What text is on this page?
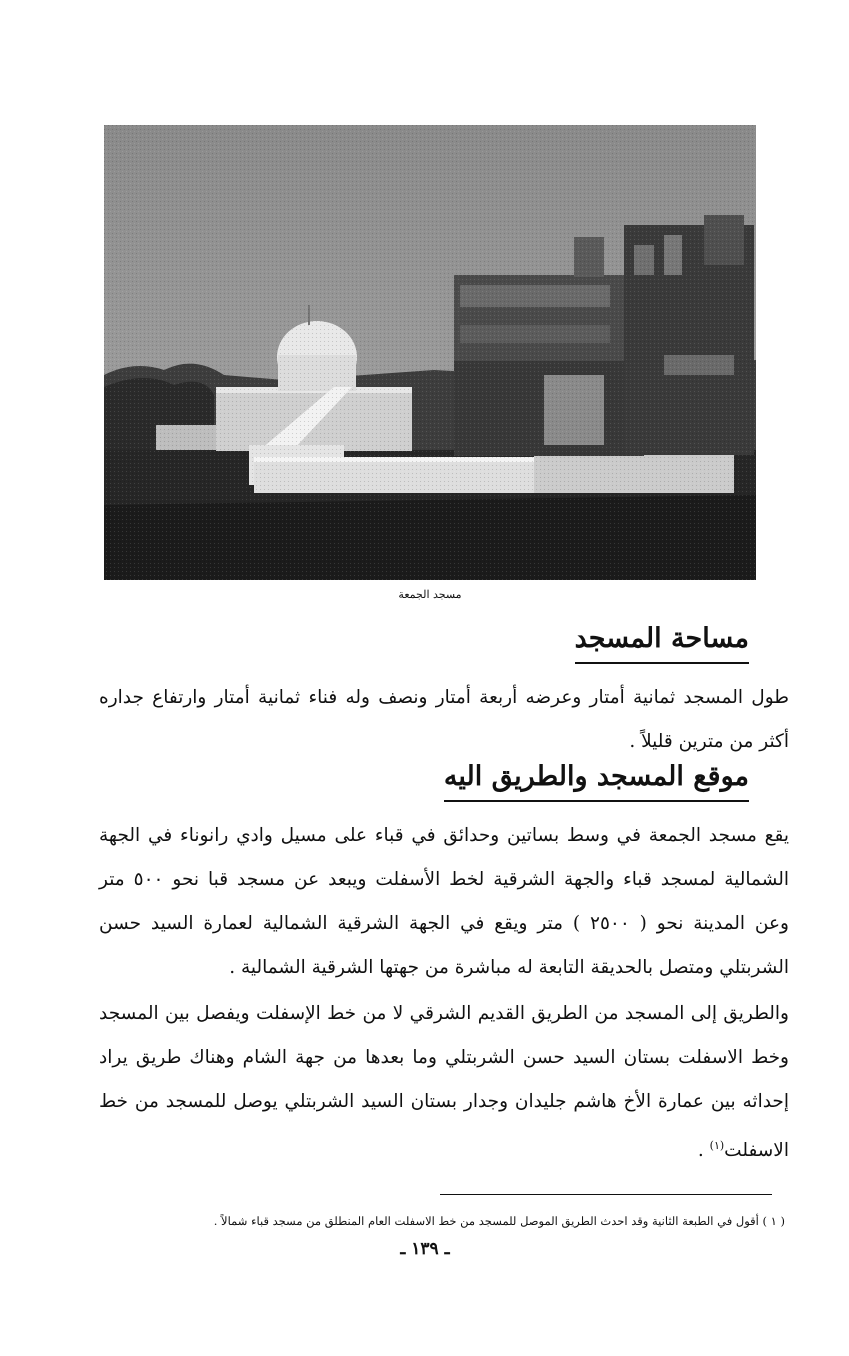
مسجد الجمعة
مساحة المسجد

طول المسجد ثمانية أمتار وعرضه أربعة أمتار ونصف وله فناء ثمانية أمتار وارتفاع جداره أكثر من مترين قليلاً .

موقع المسجد والطريق اليه

يقع مسجد الجمعة في وسط بساتين وحدائق في قباء على مسيل وادي رانوناء في الجهة الشمالية لمسجد قباء والجهة الشرقية لخط الأسفلت ويبعد عن مسجد قبا نحو ٥٠٠ متر وعن المدينة نحو ( ٢٥٠٠ ) متر ويقع في الجهة الشرقية الشمالية لعمارة السيد حسن الشربتلي ومتصل بالحديقة التابعة له مباشرة من جهتها الشرقية الشمالية .

والطريق إلى المسجد من الطريق القديم الشرقي لا من خط الإسفلت ويفصل بين المسجد وخط الاسفلت بستان السيد حسن الشربتلي وما بعدها من جهة الشام وهناك طريق يراد إحداثه بين عمارة الأخ هاشم جليدان وجدار بستان السيد الشربتلي يوصل للمسجد من خط الاسفلت$^{(١)}$ .

( ١ ) أقول في الطبعة الثانية وقد احدث الطريق الموصل للمسجد من خط الاسفلت العام المنطلق من مسجد قباء شمالاً .
ـ ١٣٩ ـ
